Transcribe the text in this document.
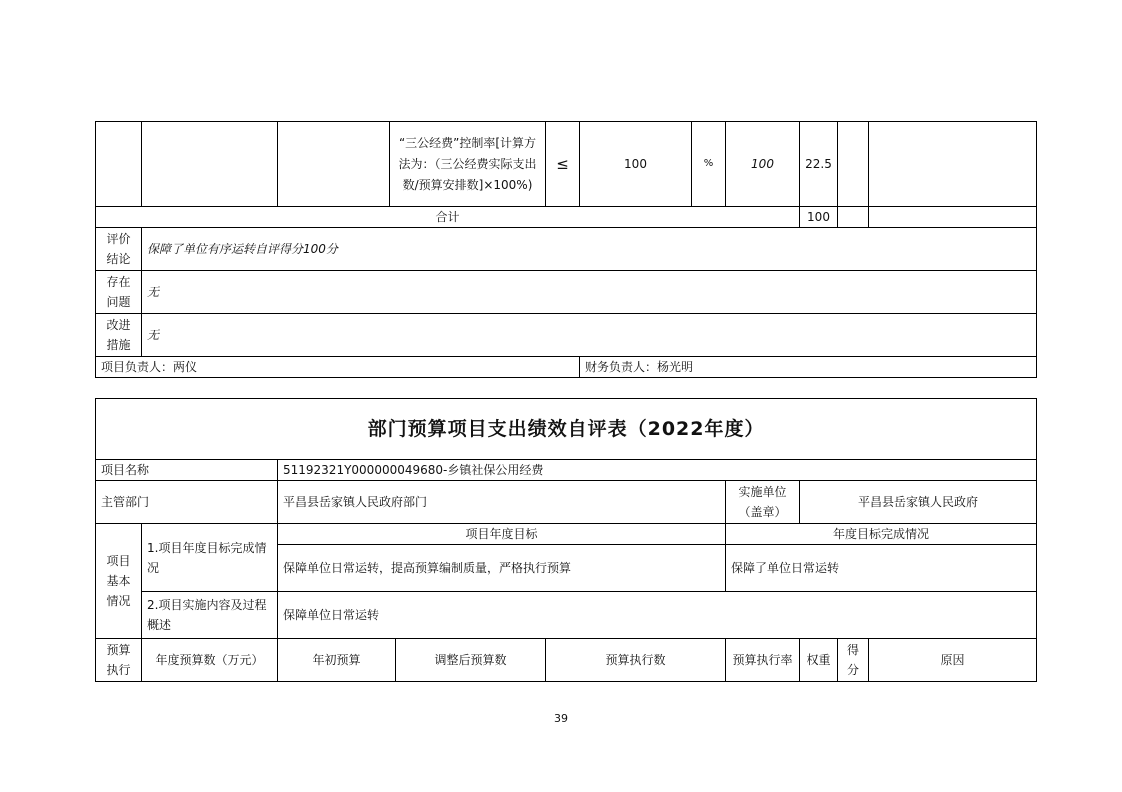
			“三公经费”控制率[计算方法为：（三公经费实际支出数/预算安排数]×100%)	≤	100	%	100	22.5		
合计								100		
评价结论	保障了单位有序运转自评得分100分									
存在问题	无									
改进措施	无									
项目负责人：两仪					财务负责人：杨光明					
部门预算项目支出绩效自评表（2022年度）								
项目名称		51192321Y000000049680-乡镇社保公用经费						
主管部门		平昌县岳家镇人民政府部门			实施单位（盖章）	平昌县岳家镇人民政府		
项目基本情况	1.项目年度目标完成情况	项目年度目标			年度目标完成情况			
		保障单位日常运转，提高预算编制质量，严格执行预算			保障了单位日常运转			
	2.项目实施内容及过程概述	保障单位日常运转						

预算执行	年度预算数（万元）	年初预算	调整后预算数	预算执行数	预算执行率	权重	得分	原因
39
